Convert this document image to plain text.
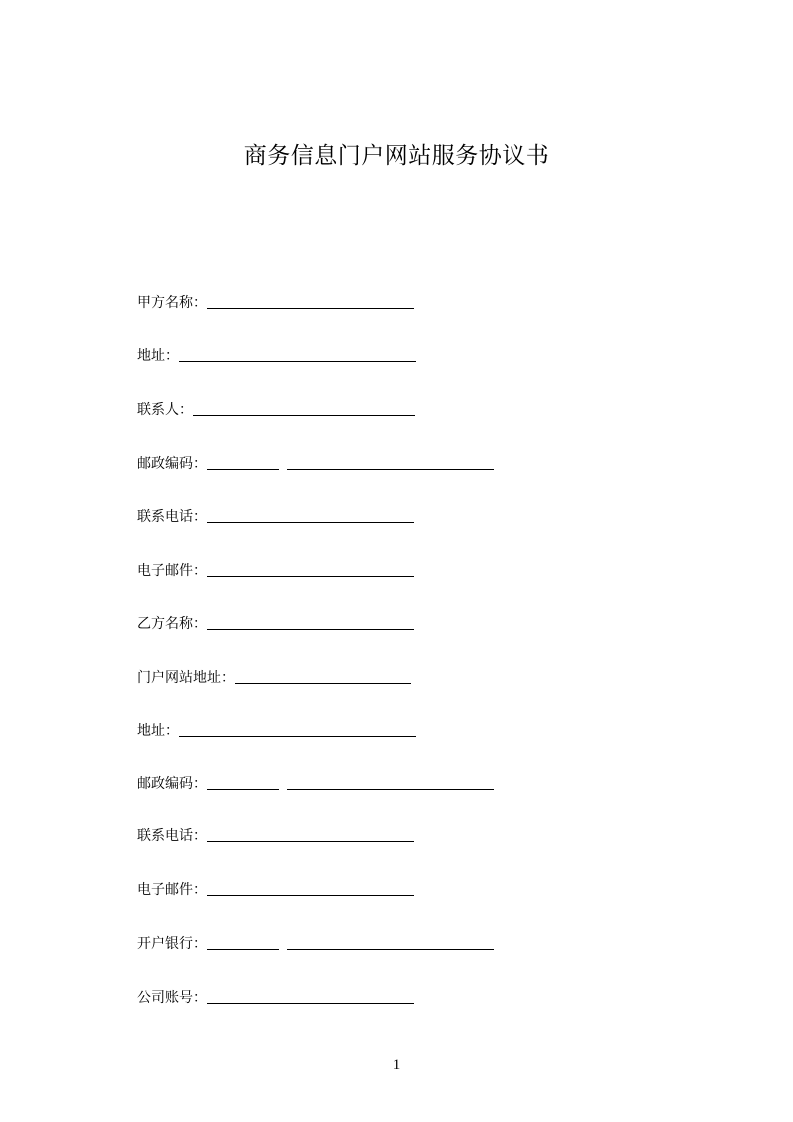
商务信息门户网站服务协议书
甲方名称：
地址：
联系人：
邮政编码：
联系电话：
电子邮件：
乙方名称：
门户网站地址：
地址：
邮政编码：
联系电话：
电子邮件：
开户银行：
公司账号：
1
